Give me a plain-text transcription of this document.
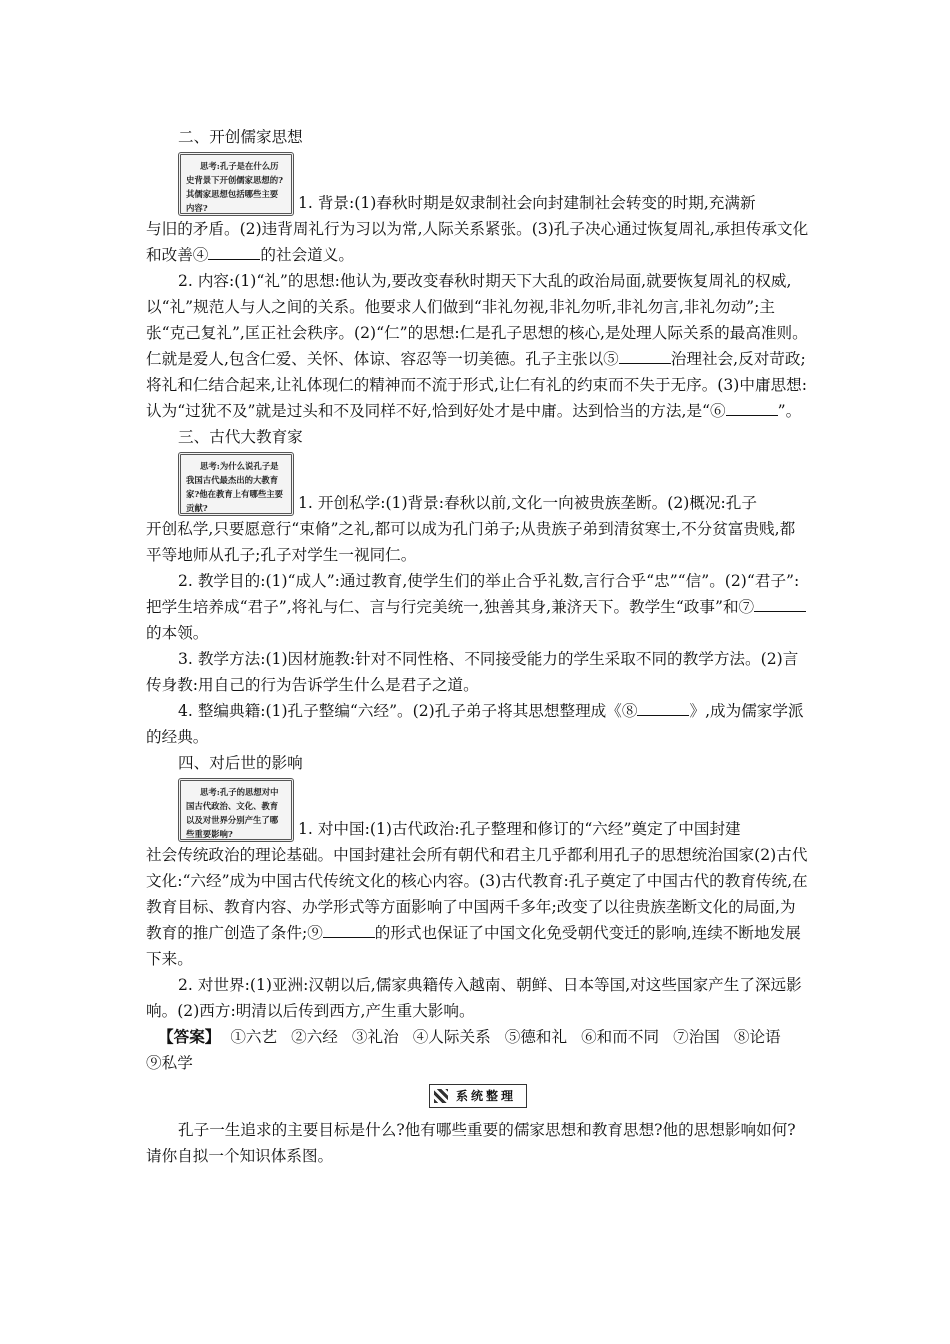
二、开创儒家思想
思考:孔子是在什么历史背景下开创儒家思想的?其儒家思想包括哪些主要内容?	1. 背景:(1)春秋时期是奴隶制社会向封建制社会转变的时期,充满新

与旧的矛盾。(2)违背周礼行为习以为常,人际关系紧张。(3)孔子决心通过恢复周礼,承担传承文化和改善④	的社会道义。

2. 内容:(1)“礼”的思想:他认为,要改变春秋时期天下大乱的政治局面,就要恢复周礼的权威,以“礼”规范人与人之间的关系。他要求人们做到“非礼勿视,非礼勿听,非礼勿言,非礼勿动”;主张“克己复礼”,匡正社会秩序。(2)“仁”的思想:仁是孔子思想的核心,是处理人际关系的最高准则。仁就是爱人,包含仁爱、关怀、体谅、容忍等一切美德。孔子主张以⑤	治理社会,反对苛政;将礼和仁结合起来,让礼体现仁的精神而不流于形式,让仁有礼的约束而不失于无序。(3)中庸思想:认为“过犹不及”就是过头和不及同样不好,恰到好处才是中庸。达到恰当的方法,是“⑥	”。

三、古代大教育家
思考:为什么说孔子是我国古代最杰出的大教育家?他在教育上有哪些主要贡献?	1. 开创私学:(1)背景:春秋以前,文化一向被贵族垄断。(2)概况:孔子

开创私学,只要愿意行“束脩”之礼,都可以成为孔门弟子;从贵族子弟到清贫寒士,不分贫富贵贱,都平等地师从孔子;孔子对学生一视同仁。

2. 教学目的:(1)“成人”:通过教育,使学生们的举止合乎礼数,言行合乎“忠”“信”。(2)“君子”:把学生培养成“君子”,将礼与仁、言与行完美统一,独善其身,兼济天下。教学生“政事”和⑦的本领。

3. 教学方法:(1)因材施教:针对不同性格、不同接受能力的学生采取不同的教学方法。(2)言传身教:用自己的行为告诉学生什么是君子之道。

4. 整编典籍:(1)孔子整编“六经”。(2)孔子弟子将其思想整理成《⑧	》,成为儒家学派的经典。

四、对后世的影响
思考:孔子的思想对中国古代政治、文化、教育以及对世界分别产生了哪些重要影响?	1. 对中国:(1)古代政治:孔子整理和修订的“六经”奠定了中国封建

社会传统政治的理论基础。中国封建社会所有朝代和君主几乎都利用孔子的思想统治国家(2)古代文化:“六经”成为中国古代传统文化的核心内容。(3)古代教育:孔子奠定了中国古代的教育传统,在教育目标、教育内容、办学形式等方面影响了中国两千多年;改变了以往贵族垄断文化的局面,为教育的推广创造了条件;⑨	的形式也保证了中国文化免受朝代变迁的影响,连续不断地发展下来。

2. 对世界:(1)亚洲:汉朝以后,儒家典籍传入越南、朝鲜、日本等国,对这些国家产生了深远影响。(2)西方:明清以后传到西方,产生重大影响。

【答案】 ①六艺 ②六经 ③礼治 ④人际关系 ⑤德和礼 ⑥和而不同 ⑦治国 ⑧论语⑨私学

系统整理

孔子一生追求的主要目标是什么?他有哪些重要的儒家思想和教育思想?他的思想影响如何?请你自拟一个知识体系图。
